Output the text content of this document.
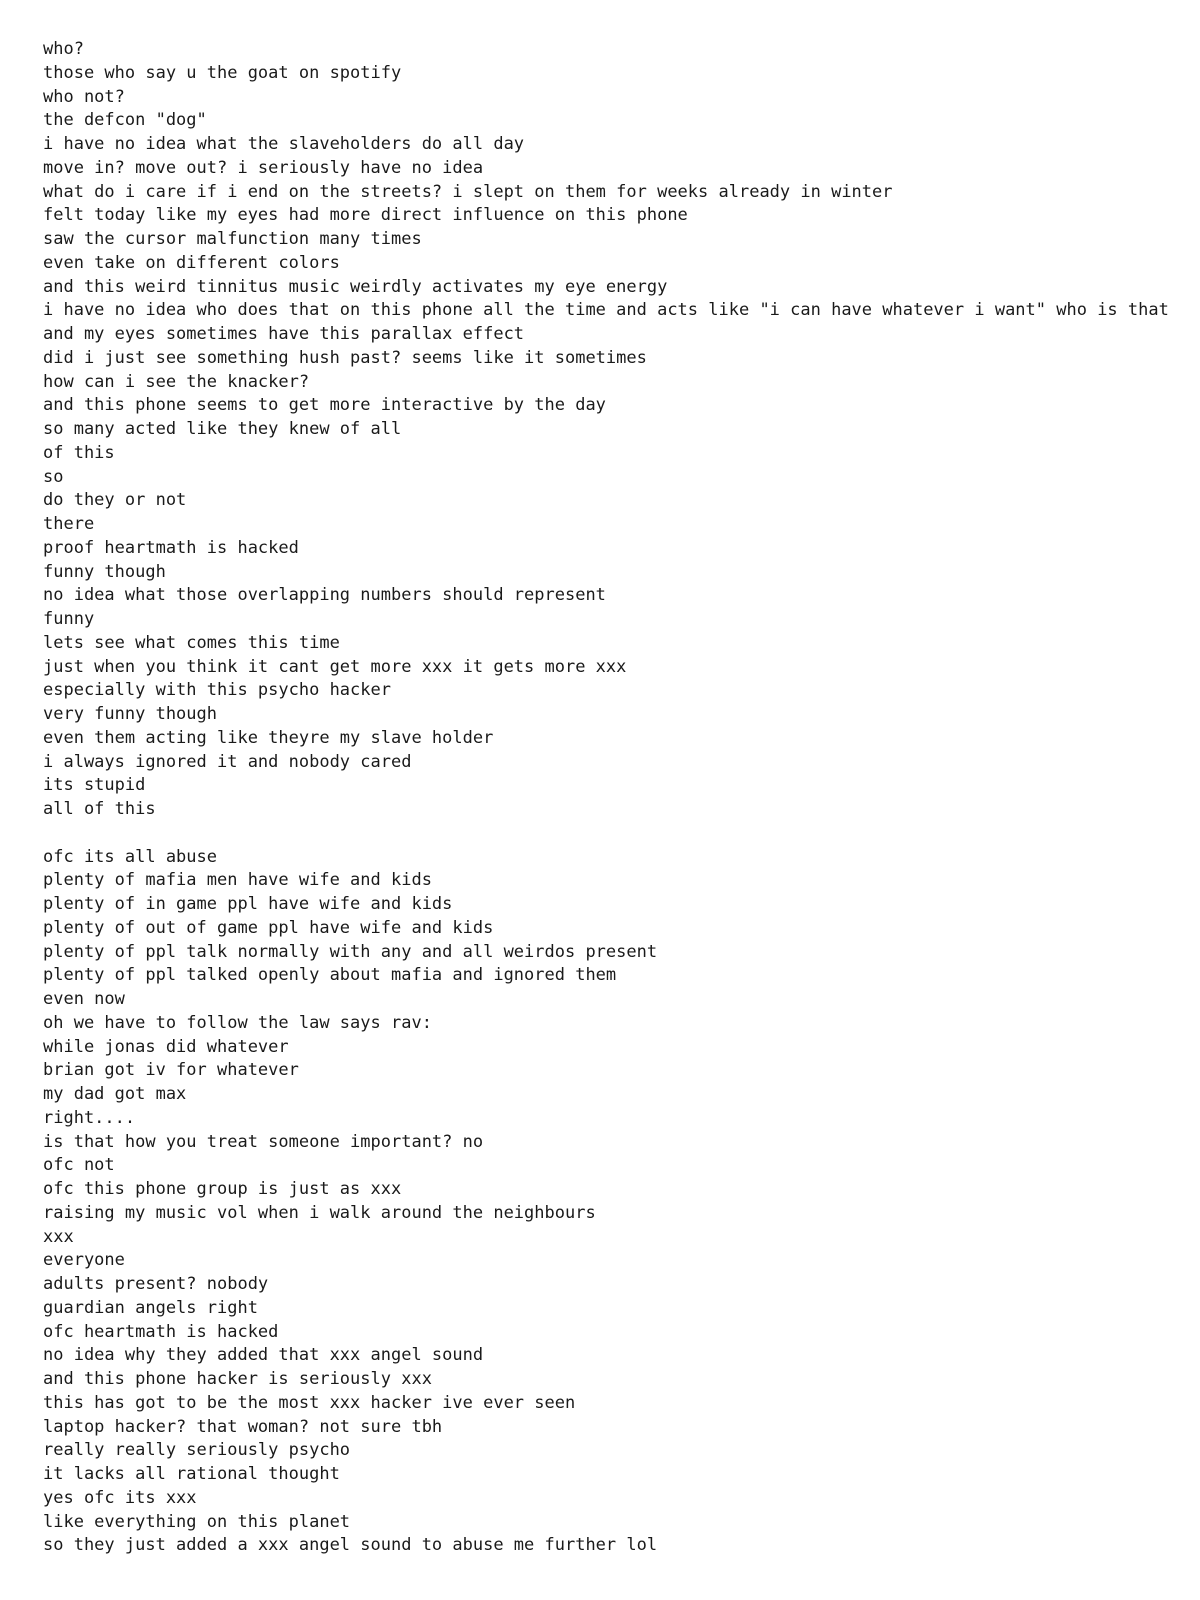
who?
those who say u the goat on spotify
who not?
the defcon "dog"
i have no idea what the slaveholders do all day
move in? move out? i seriously have no idea
what do i care if i end on the streets? i slept on them for weeks already in winter
felt today like my eyes had more direct influence on this phone
saw the cursor malfunction many times
even take on different colors
and this weird tinnitus music weirdly activates my eye energy
i have no idea who does that on this phone all the time and acts like "i can have whatever i want" who is that
and my eyes sometimes have this parallax effect
did i just see something hush past? seems like it sometimes
how can i see the knacker?
and this phone seems to get more interactive by the day
so many acted like they knew of all
of this
so
do they or not
there
proof heartmath is hacked
funny though
no idea what those overlapping numbers should represent
funny
lets see what comes this time
just when you think it cant get more xxx it gets more xxx
especially with this psycho hacker
very funny though
even them acting like theyre my slave holder
i always ignored it and nobody cared
its stupid
all of this
ofc its all abuse
plenty of mafia men have wife and kids
plenty of in game ppl have wife and kids
plenty of out of game ppl have wife and kids
plenty of ppl talk normally with any and all weirdos present
plenty of ppl talked openly about mafia and ignored them
even now
oh we have to follow the law says rav:
while jonas did whatever
brian got iv for whatever
my dad got max
right....
is that how you treat someone important? no
ofc not
ofc this phone group is just as xxx
raising my music vol when i walk around the neighbours
xxx
everyone
adults present? nobody
guardian angels right
ofc heartmath is hacked
no idea why they added that xxx angel sound
and this phone hacker is seriously xxx
this has got to be the most xxx hacker ive ever seen
laptop hacker? that woman? not sure tbh
really really seriously psycho
it lacks all rational thought
yes ofc its xxx
like everything on this planet
so they just added a xxx angel sound to abuse me further lol
